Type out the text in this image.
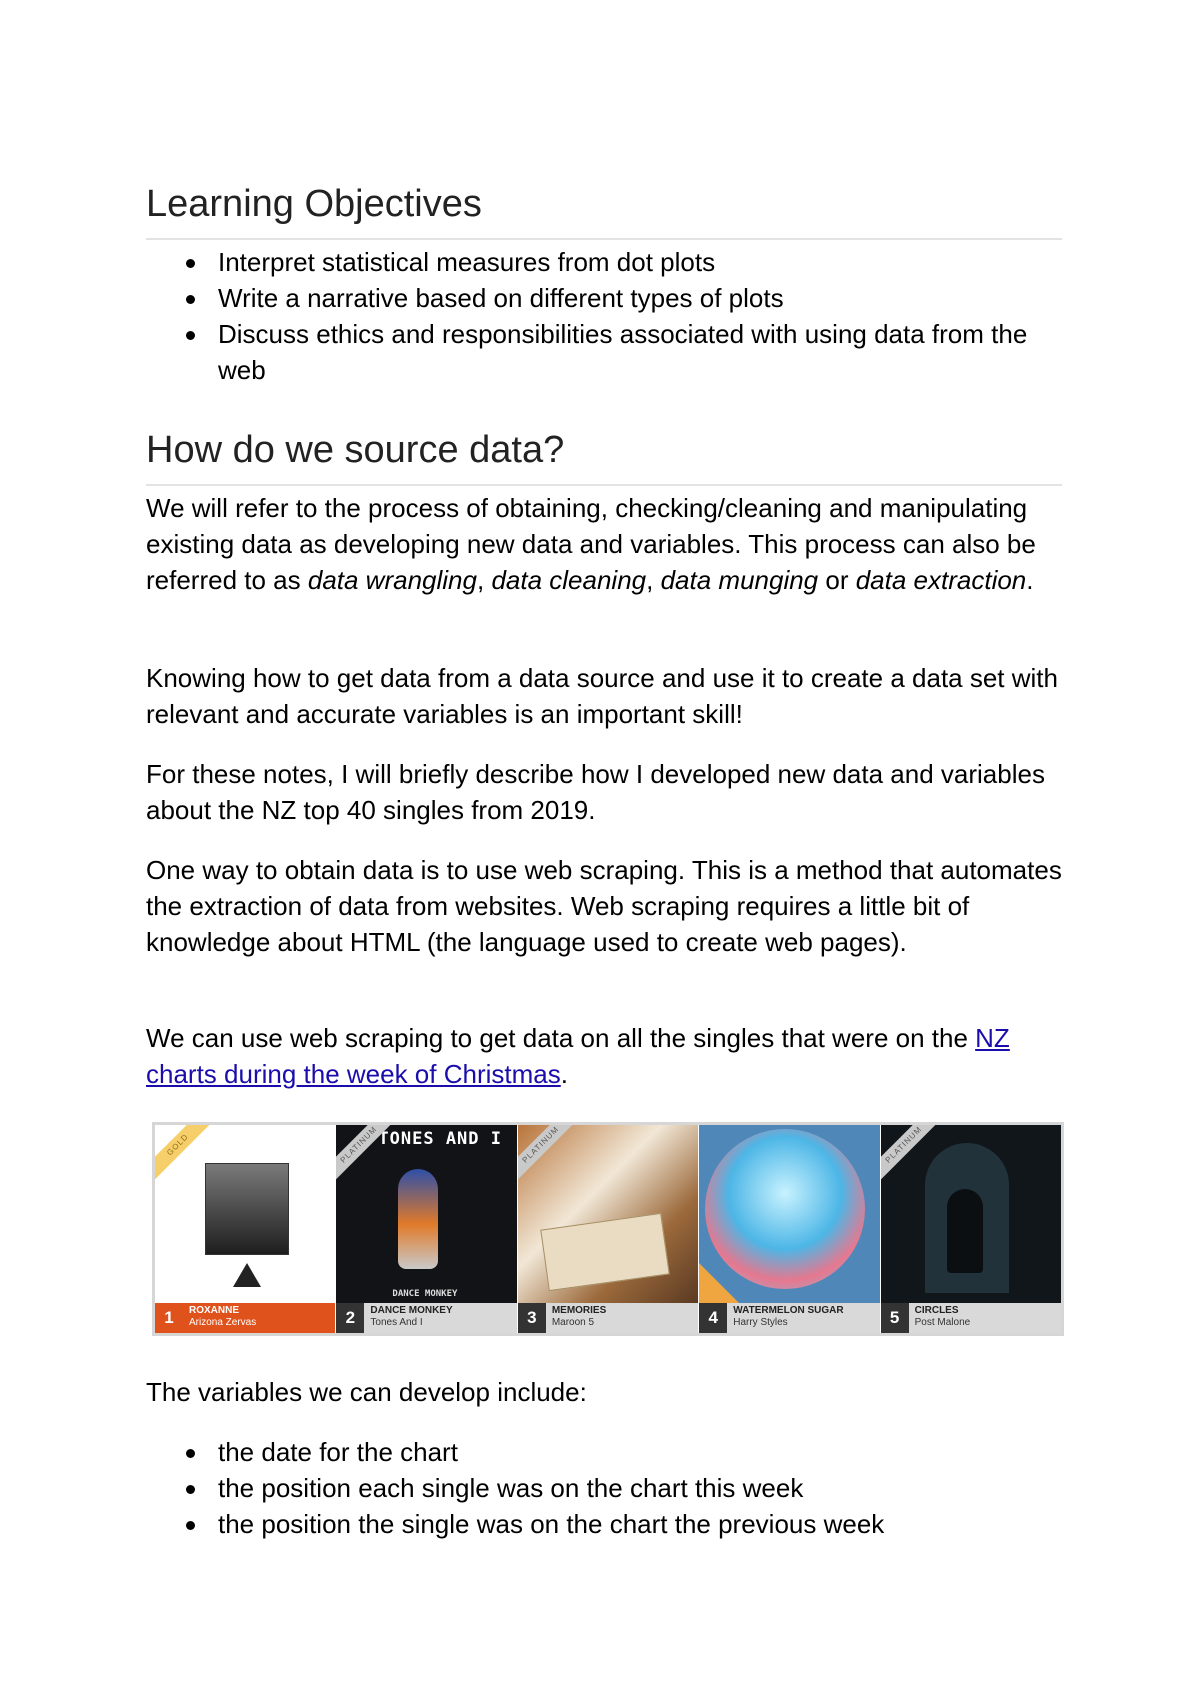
Learning Objectives
Interpret statistical measures from dot plots
Write a narrative based on different types of plots
Discuss ethics and responsibilities associated with using data from the web
How do we source data?

We will refer to the process of obtaining, checking/cleaning and manipulating existing data as developing new data and variables. This process can also be referred to as data wrangling, data cleaning, data munging or data extraction.

Knowing how to get data from a data source and use it to create a data set with relevant and accurate variables is an important skill!

For these notes, I will briefly describe how I developed new data and variables about the NZ top 40 singles from 2019.

One way to obtain data is to use web scraping. This is a method that automates the extraction of data from websites. Web scraping requires a little bit of knowledge about HTML (the language used to create web pages).

We can use web scraping to get data on all the singles that were on the NZ charts during the week of Christmas.

The variables we can develop include:

the date for the chart
the position each single was on the chart this week
the position the single was on the chart the previous week
GOLD
1	ROXANNE
Arizona Zervas
TONES AND I
DANCE MONKEY
PLATINUM
2	DANCE MONKEY
Tones And I
PLATINUM
3	MEMORIES
Maroon 5	4	WATERMELON SUGAR
Harry Styles
PLATINUM
5	CIRCLES
Post Malone
